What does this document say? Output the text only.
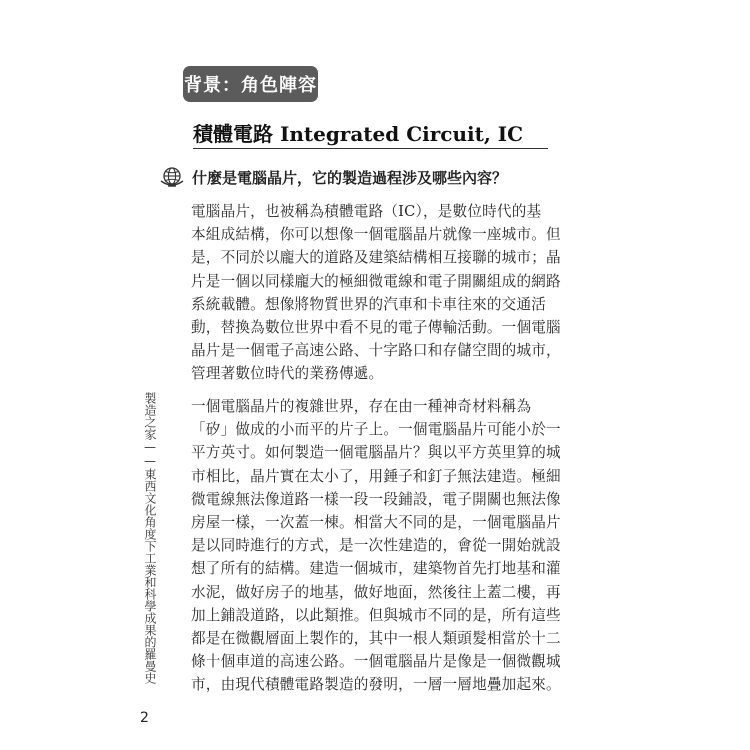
背景：角色陣容
積體電路 Integrated Circuit, IC
什麼是電腦晶片，它的製造過程涉及哪些內容？
電腦晶片，也被稱為積體電路（IC），是數位時代的基
本組成結構，你可以想像一個電腦晶片就像一座城市。但
是，不同於以龐大的道路及建築結構相互接聯的城市；晶
片是一個以同樣龐大的極細微電線和電子開關組成的網路
系統載體。想像將物質世界的汽車和卡車往來的交通活
動，替換為數位世界中看不見的電子傳輸活動。一個電腦
晶片是一個電子高速公路、十字路口和存儲空間的城市，
管理著數位時代的業務傳遞。
一個電腦晶片的複雜世界，存在由一種神奇材料稱為
「矽」做成的小而平的片子上。一個電腦晶片可能小於一
平方英寸。如何製造一個電腦晶片？與以平方英里算的城
市相比，晶片實在太小了，用錘子和釘子無法建造。極細
微電線無法像道路一樣一段一段鋪設，電子開關也無法像
房屋一樣，一次蓋一棟。相當大不同的是，一個電腦晶片
是以同時進行的方式，是一次性建造的，會從一開始就設
想了所有的結構。建造一個城市，建築物首先打地基和灌
水泥，做好房子的地基，做好地面，然後往上蓋二樓，再
加上鋪設道路，以此類推。但與城市不同的是，所有這些
都是在微觀層面上製作的，其中一根人類頭髮相當於十二
條十個車道的高速公路。一個電腦晶片是像是一個微觀城
市，由現代積體電路製造的發明，一層一層地疊加起來。
製造之家——東西文化角度下工業和科學成果的羅曼史
2
